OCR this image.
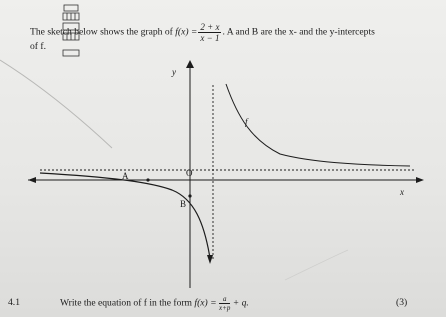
The sketch below shows the graph of $f(x) = \frac{2 + x}{x - 1}$ . A and B are the x- and the y-intercepts
of f.
y
x
O
A
B
f
4.1	Write the equation of f in the form $f(x) = \frac{a}{x+p} + q$.	(3)
